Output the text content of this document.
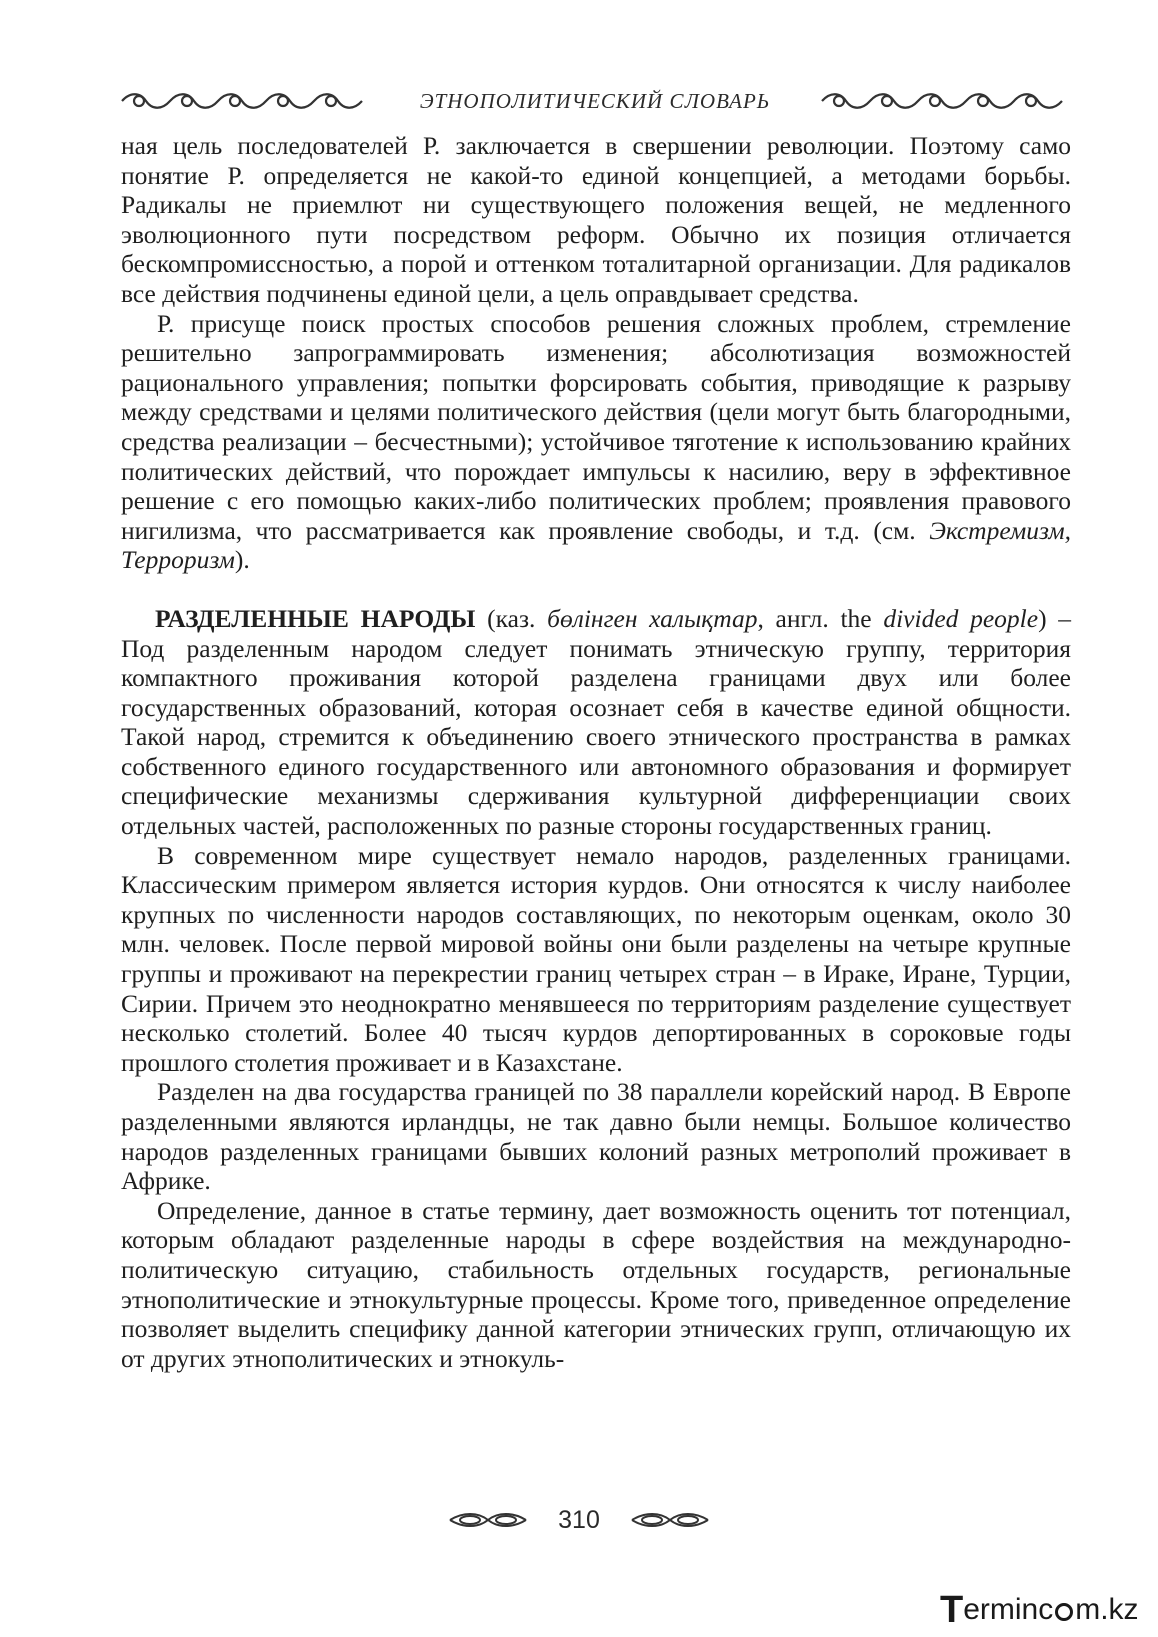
ЭТНОПОЛИТИЧЕСКИЙ СЛОВАРЬ

ная цель последователей Р. заключается в свершении революции. Поэтому само понятие Р. определяется не какой-то единой концепцией, а методами борьбы. Радикалы не приемлют ни существующего положения вещей, не медленного эволюционного пути посредством реформ. Обычно их позиция отличается бескомпромиссностью, а порой и оттенком тоталитарной организации. Для радикалов все действия подчинены единой цели, а цель оправдывает средства.

Р. присуще поиск простых способов решения сложных проблем, стремление решительно запрограммировать изменения; абсолютизация возможностей рационального управления; попытки форсировать события, приводящие к разрыву между средствами и целями политического действия (цели могут быть благородными, средства реализации – бесчестными); устойчивое тяготение к использованию крайних политических действий, что порождает импульсы к насилию, веру в эффективное решение с его помощью каких-либо политических проблем; проявления правового нигилизма, что рассматривается как проявление свободы, и т.д. (см. Экстремизм, Терроризм).

РАЗДЕЛЕННЫЕ НАРОДЫ (каз. бөлінген халықтар, англ. the divided people) – Под разделенным народом следует понимать этническую группу, территория компактного проживания которой разделена границами двух или более государственных образований, которая осознает себя в качестве единой общности. Такой народ, стремится к объединению своего этнического пространства в рамках собственного единого государственного или автономного образования и формирует специфические механизмы сдерживания культурной дифференциации своих отдельных частей, расположенных по разные стороны государственных границ.

В современном мире существует немало народов, разделенных границами. Классическим примером является история курдов. Они относятся к числу наиболее крупных по численности народов составляющих, по некоторым оценкам, около 30 млн. человек. После первой мировой войны они были разделены на четыре крупные группы и проживают на перекрестии границ четырех стран – в Ираке, Иране, Турции, Сирии. Причем это неоднократно менявшееся по территориям разделение существует несколько столетий. Более 40 тысяч курдов депортированных в сороковые годы прошлого столетия проживает и в Казахстане.

Разделен на два государства границей по 38 параллели корейский народ. В Европе разделенными являются ирландцы, не так давно были немцы. Большое количество народов разделенных границами бывших колоний разных метрополий проживает в Африке.

Определение, данное в статье термину, дает возможность оценить тот потенциал, которым обладают разделенные народы в сфере воздействия на международно-политическую ситуацию, стабильность отдельных государств, региональные этнополитические и этнокультурные процессы. Кроме того, приведенное определение позволяет выделить специфику данной категории этнических групп, отличающую их от других этнополитических и этнокуль-

310
T ermin c m.kz
